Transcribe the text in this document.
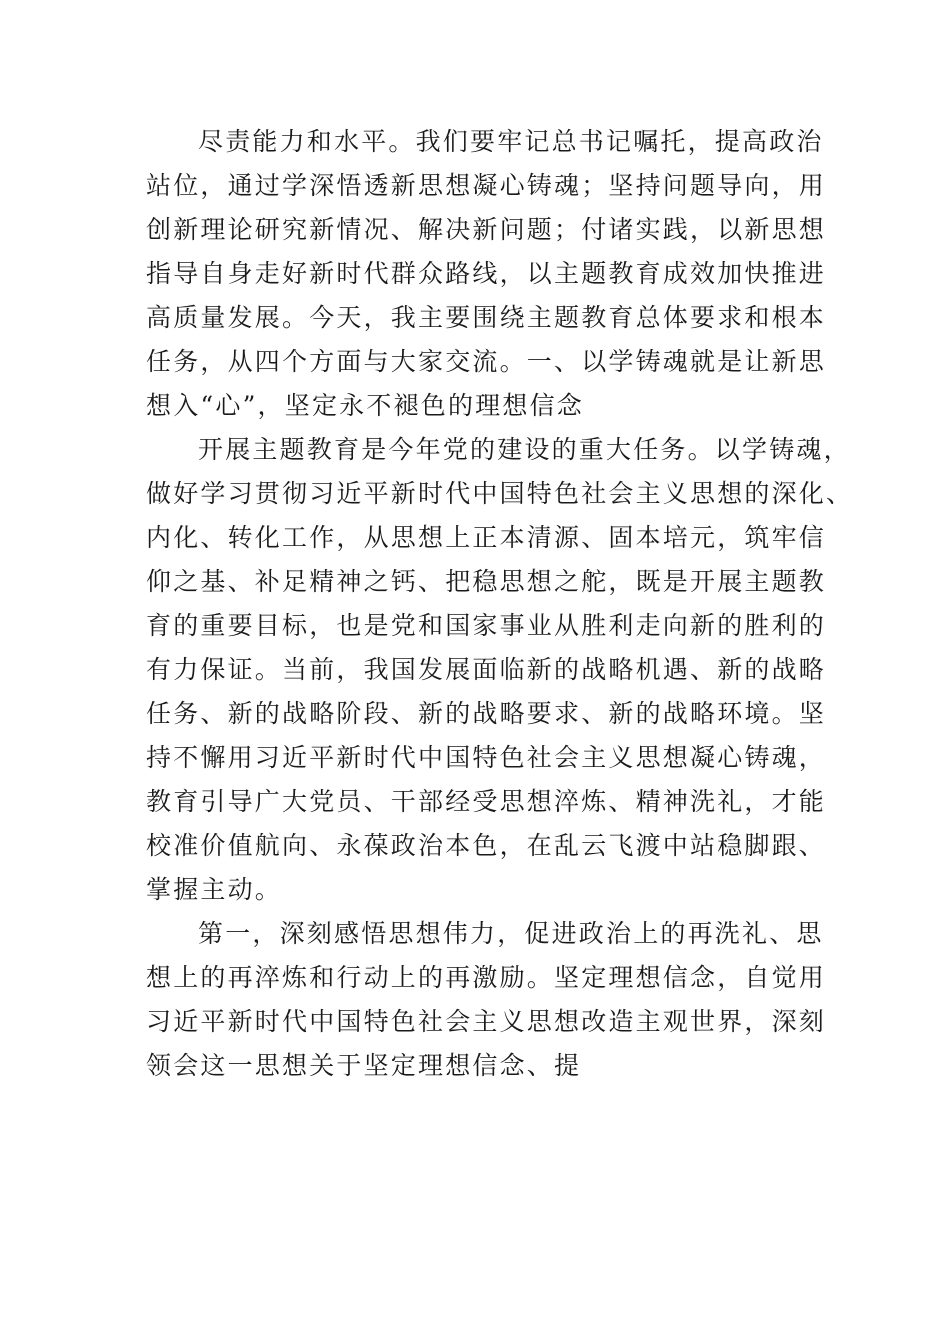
尽责能力和水平。我们要牢记总书记嘱托，提高政治
站位，通过学深悟透新思想凝心铸魂；坚持问题导向，用
创新理论研究新情况、解决新问题；付诸实践，以新思想
指导自身走好新时代群众路线，以主题教育成效加快推进
高质量发展。今天，我主要围绕主题教育总体要求和根本
任务，从四个方面与大家交流。一、以学铸魂就是让新思
想入“心”，坚定永不褪色的理想信念
开展主题教育是今年党的建设的重大任务。以学铸魂，
做好学习贯彻习近平新时代中国特色社会主义思想的深化、
内化、转化工作，从思想上正本清源、固本培元，筑牢信
仰之基、补足精神之钙、把稳思想之舵，既是开展主题教
育的重要目标，也是党和国家事业从胜利走向新的胜利的
有力保证。当前，我国发展面临新的战略机遇、新的战略
任务、新的战略阶段、新的战略要求、新的战略环境。坚
持不懈用习近平新时代中国特色社会主义思想凝心铸魂，
教育引导广大党员、干部经受思想淬炼、精神洗礼，才能
校准价值航向、永葆政治本色，在乱云飞渡中站稳脚跟、
掌握主动。
第一，深刻感悟思想伟力，促进政治上的再洗礼、思
想上的再淬炼和行动上的再激励。坚定理想信念，自觉用
习近平新时代中国特色社会主义思想改造主观世界，深刻
领会这一思想关于坚定理想信念、提
